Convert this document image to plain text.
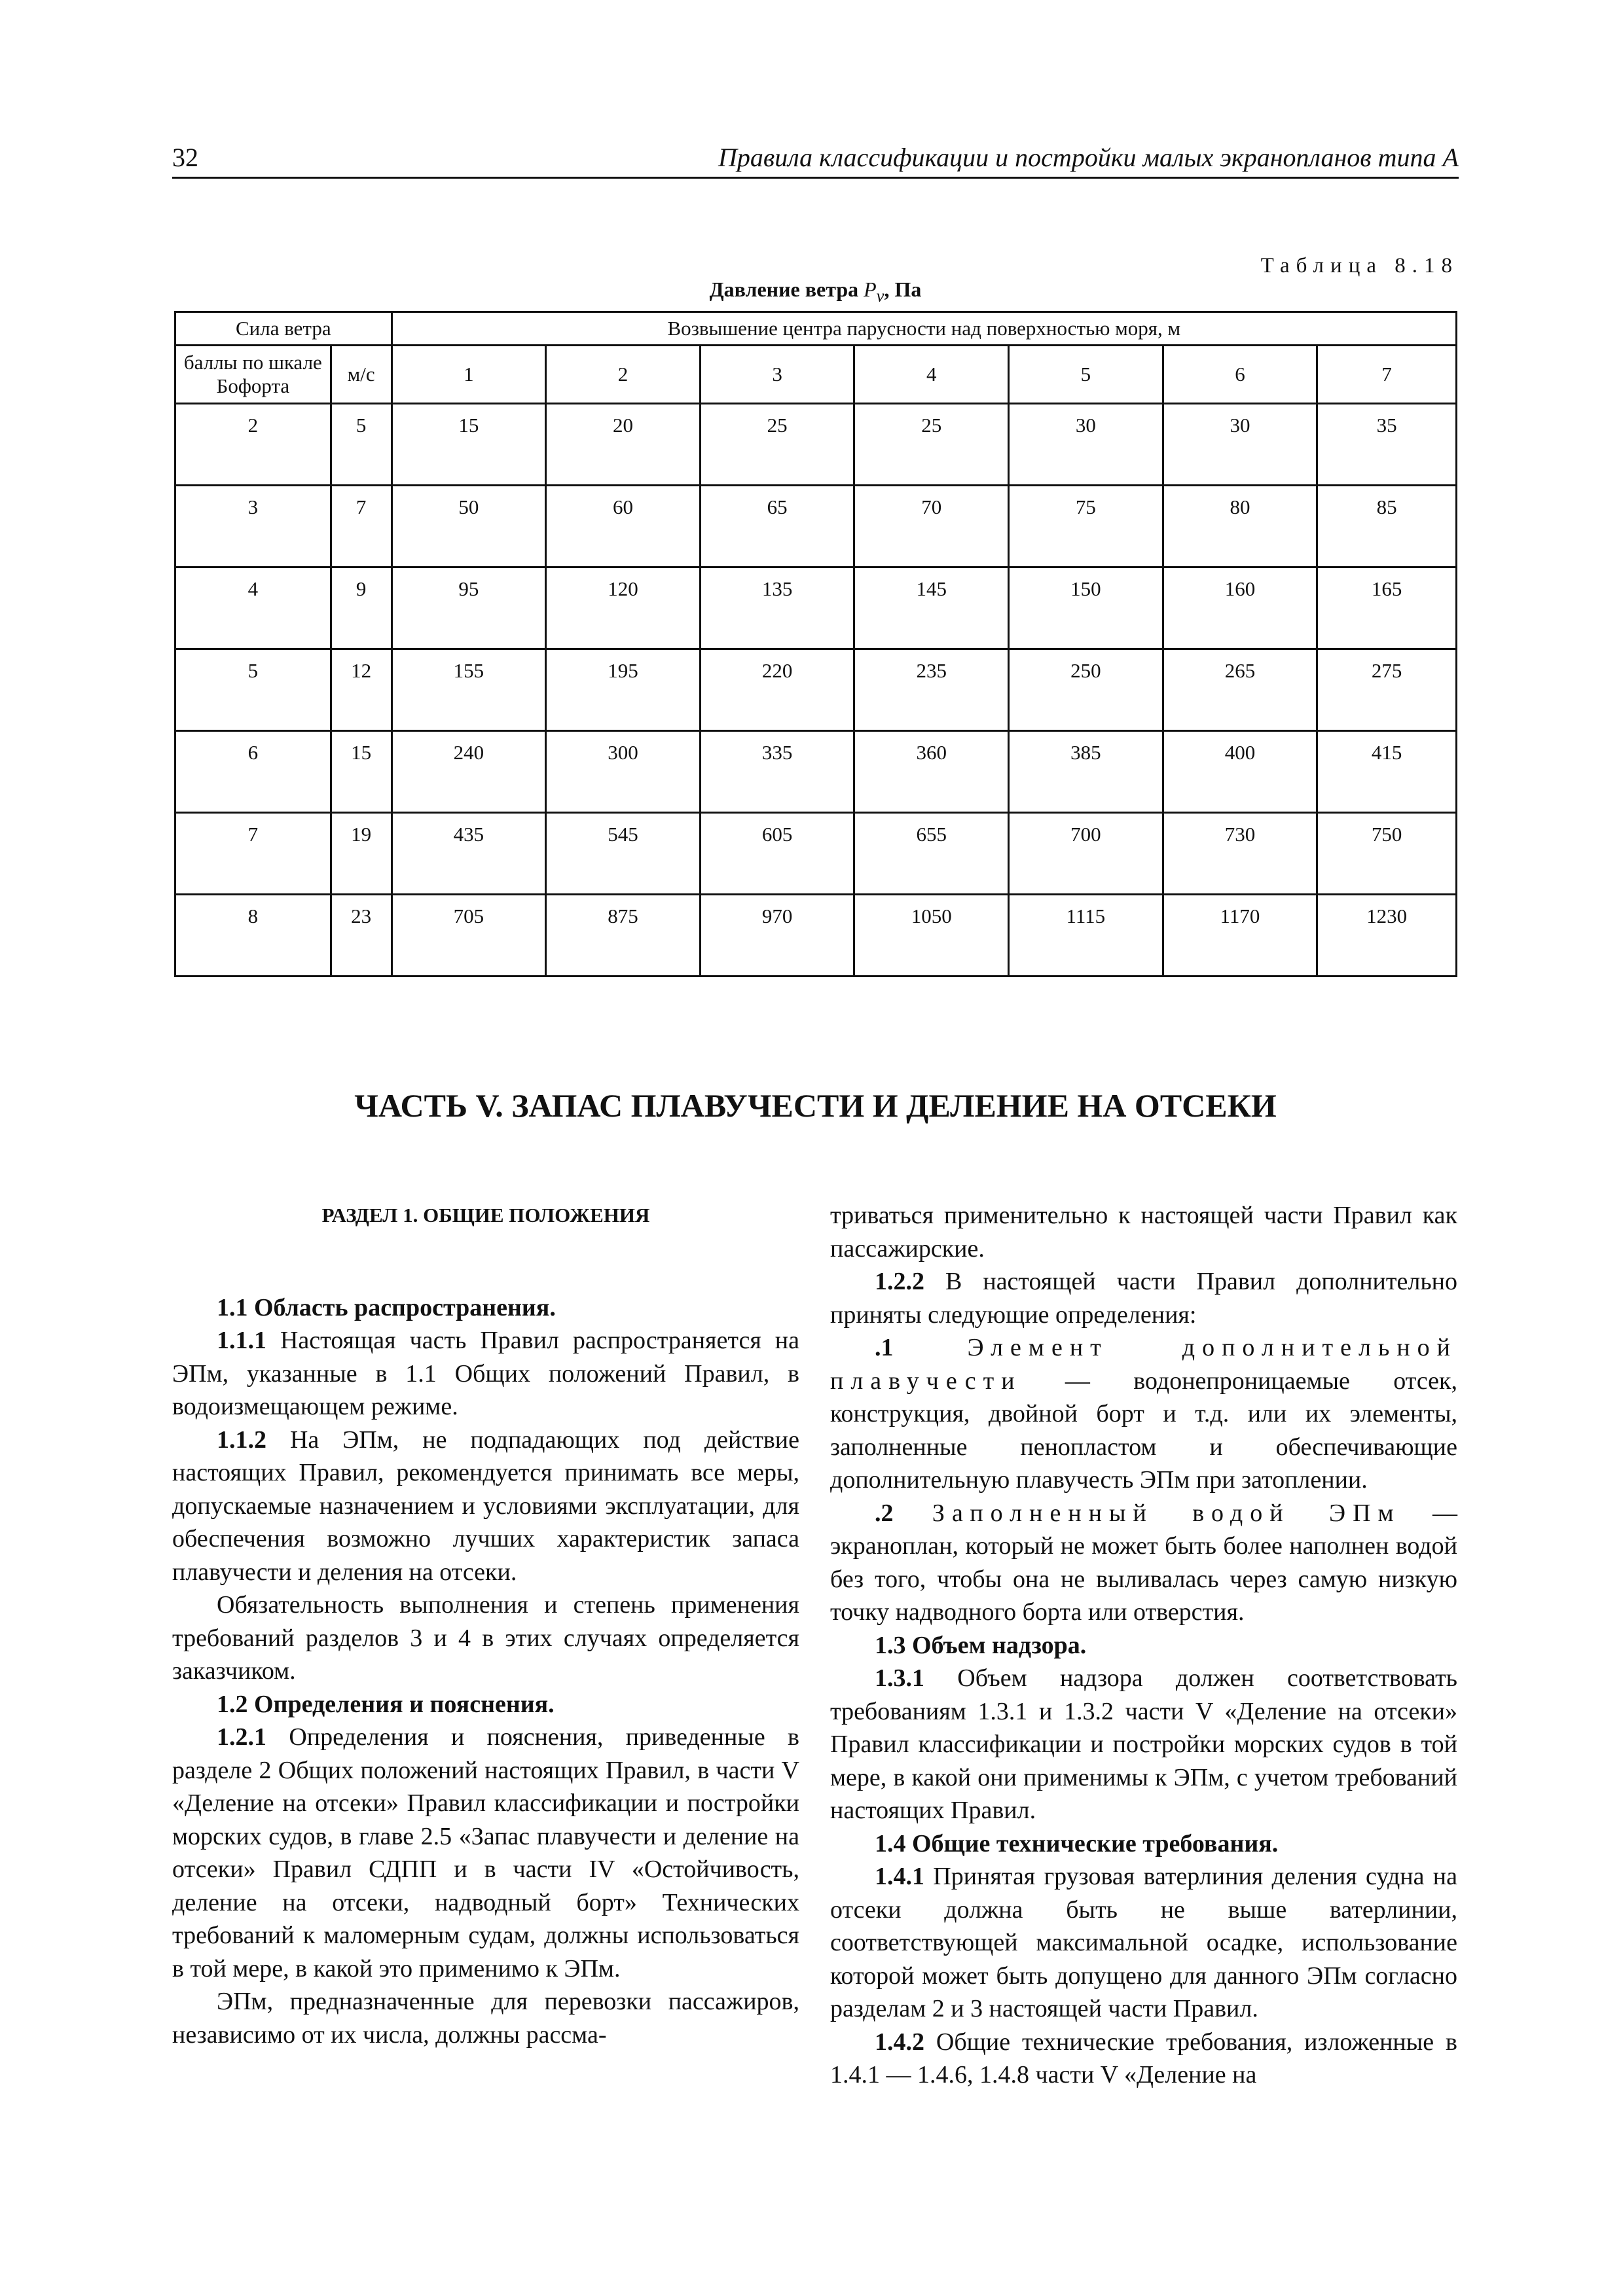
32	Правила классификации и постройки малых экранопланов типа А
Таблица 8.18
Давление ветра $P_v$, Па
Сила ветра		Возвышение центра парусности над поверхностью моря, м						
баллы по шкале Бофорта	м/с	1	2	3	4	5	6	7
2	5	15	20	25	25	30	30	35
3	7	50	60	65	70	75	80	85
4	9	95	120	135	145	150	160	165
5	12	155	195	220	235	250	265	275
6	15	240	300	335	360	385	400	415
7	19	435	545	605	655	700	730	750
8	23	705	875	970	1050	1115	1170	1230
ЧАСТЬ V. ЗАПАС ПЛАВУЧЕСТИ И ДЕЛЕНИЕ НА ОТСЕКИ

РАЗДЕЛ 1. ОБЩИЕ ПОЛОЖЕНИЯ

1.1 Область распространения.

1.1.1 Настоящая часть Правил распространяется на ЭПм, указанные в 1.1 Общих положений Правил, в водоизмещающем режиме.

1.1.2 На ЭПм, не подпадающих под действие настоящих Правил, рекомендуется принимать все меры, допускаемые назначением и условиями эксплуатации, для обеспечения возможно лучших характеристик запаса плавучести и деления на отсеки.

Обязательность выполнения и степень применения требований разделов 3 и 4 в этих случаях определяется заказчиком.

1.2 Определения и пояснения.

1.2.1 Определения и пояснения, приведенные в разделе 2 Общих положений настоящих Правил, в части V «Деление на отсеки» Правил классификации и постройки морских судов, в главе 2.5 «Запас плавучести и деление на отсеки» Правил СДПП и в части IV «Остойчивость, деление на отсеки, надводный борт» Технических требований к маломерным судам, должны использоваться в той мере, в какой это применимо к ЭПм.

ЭПм, предназначенные для перевозки пассажиров, независимо от их числа, должны рассма-

триваться применительно к настоящей части Правил как пассажирские.

1.2.2 В настоящей части Правил дополнительно приняты следующие определения:

.1 Элемент дополнительной плавучести — водонепроницаемые отсек, конструкция, двойной борт и т.д. или их элементы, заполненные пенопластом и обеспечивающие дополнительную плавучесть ЭПм при затоплении.

.2 Заполненный водой ЭПм — экраноплан, который не может быть более наполнен водой без того, чтобы она не выливалась через самую низкую точку надводного борта или отверстия.

1.3 Объем надзора.

1.3.1 Объем надзора должен соответствовать требованиям 1.3.1 и 1.3.2 части V «Деление на отсеки» Правил классификации и постройки морских судов в той мере, в какой они применимы к ЭПм, с учетом требований настоящих Правил.

1.4 Общие технические требования.

1.4.1 Принятая грузовая ватерлиния деления судна на отсеки должна быть не выше ватерлинии, соответствующей максимальной осадке, использование которой может быть допущено для данного ЭПм согласно разделам 2 и 3 настоящей части Правил.

1.4.2 Общие технические требования, изложенные в 1.4.1 — 1.4.6, 1.4.8 части V «Деление на
